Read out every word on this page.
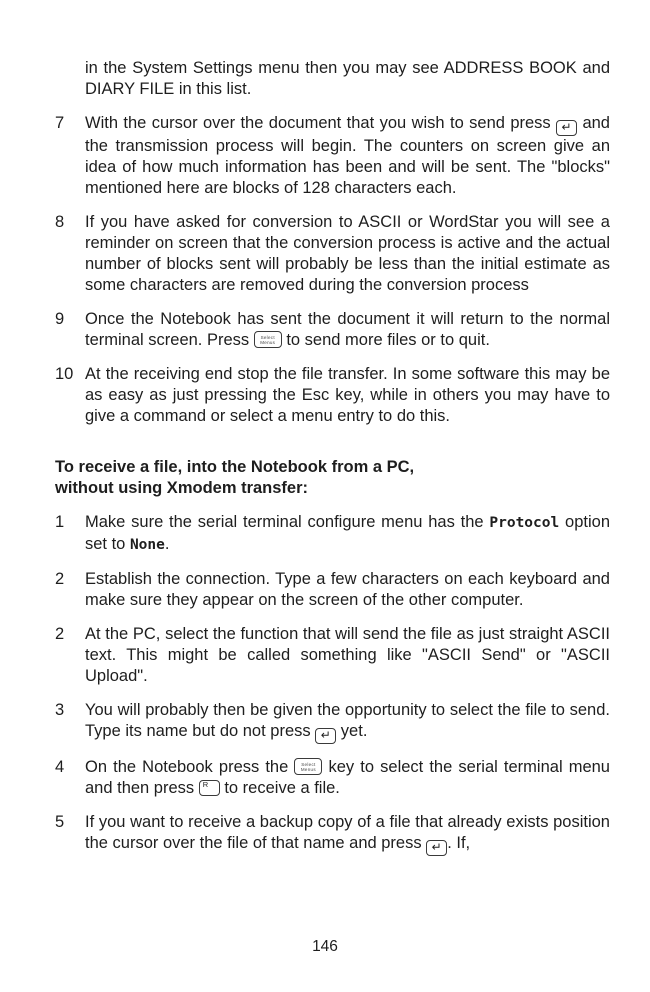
in the System Settings menu then you may see ADDRESS BOOK and DIARY FILE in this list.
7	With the cursor over the document that you wish to send press ↵ and the transmission process will begin. The counters on screen give an idea of how much information has been and will be sent. The "blocks" mentioned here are blocks of 128 characters each.
8	If you have asked for conversion to ASCII or WordStar you will see a reminder on screen that the conversion process is active and the actual number of blocks sent will probably be less than the initial estimate as some characters are removed during the conversion process
9	Once the Notebook has sent the document it will return to the normal terminal screen. Press	Select
Menus to send more files or to quit.
10 At the receiving end stop the file transfer. In some software this may be as easy as just pressing the Esc key, while in others you may have to give a command or select a menu entry to do this.
To receive a file, into the Notebook from a PC,
without using Xmodem transfer:
1	Make sure the serial terminal configure menu has the Protocol option set to None.
2	Establish the connection. Type a few characters on each keyboard and make sure they appear on the screen of the other computer.
2	At the PC, select the function that will send the file as just straight ASCII text. This might be called something like "ASCII Send" or "ASCII Upload".
3	You will probably then be given the opportunity to select the file to send. Type its name but do not press ↵ yet.
4	On the Notebook press the	Select
Menus key to select the serial terminal menu and then press R to receive a file.
5	If you want to receive a backup copy of a file that already exists position the cursor over the file of that name and press ↵ . If,
146
